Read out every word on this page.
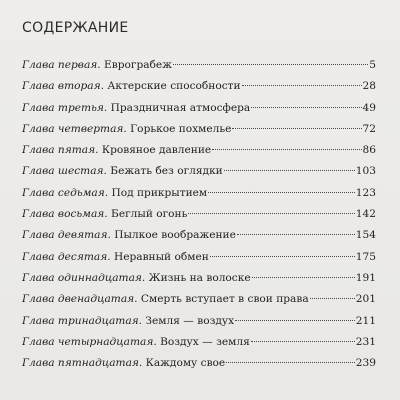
СОДЕРЖАНИЕ
Глава первая. Еврограбеж	5
Глава вторая. Актерские способности	28
Глава третья. Праздничная атмосфера	49
Глава четвертая. Горькое похмелье	72
Глава пятая. Кровяное давление	86
Глава шестая. Бежать без оглядки	103
Глава седьмая. Под прикрытием	123
Глава восьмая. Беглый огонь	142
Глава девятая. Пылкое воображение	154
Глава десятая. Неравный обмен	175
Глава одиннадцатая. Жизнь на волоске	191
Глава двенадцатая. Смерть вступает в свои права	201
Глава тринадцатая. Земля — воздух	211
Глава четырнадцатая. Воздух — земля	231
Глава пятнадцатая. Каждому свое	239
